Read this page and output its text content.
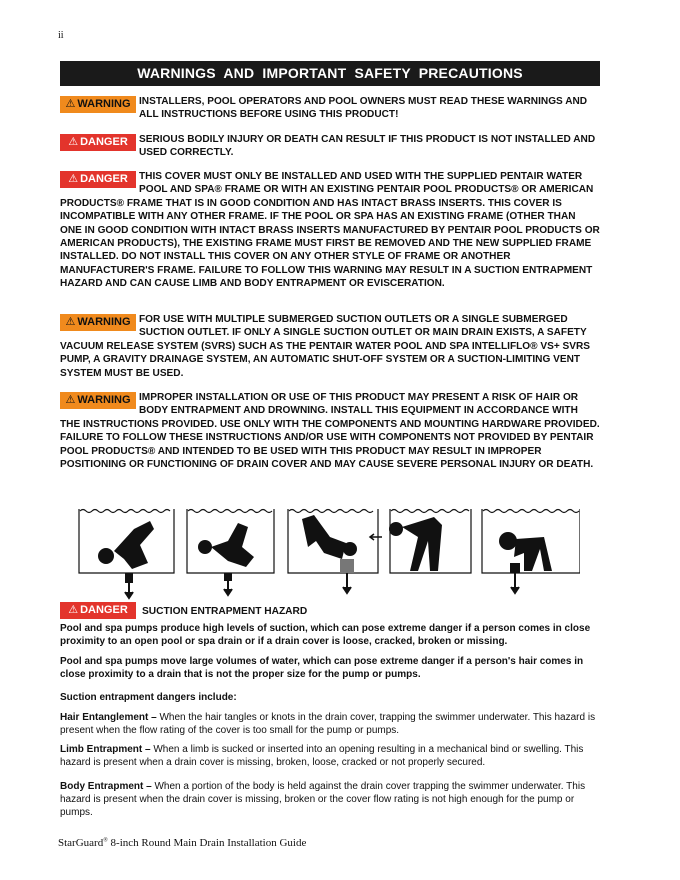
ii
WARNINGS AND IMPORTANT SAFETY PRECAUTIONS
⚠ WARNING INSTALLERS, POOL OPERATORS AND POOL OWNERS MUST READ THESE WARNINGS AND ALL INSTRUCTIONS BEFORE USING THIS PRODUCT!
⚠ DANGER	SERIOUS BODILY INJURY OR DEATH CAN RESULT IF THIS PRODUCT IS NOT INSTALLED AND USED CORRECTLY.
⚠ DANGER	THIS COVER MUST ONLY BE INSTALLED AND USED WITH THE SUPPLIED PENTAIR WATER POOL AND SPA® FRAME OR WITH AN EXISTING PENTAIR POOL PRODUCTS® OR AMERICAN PRODUCTS® FRAME THAT IS IN GOOD CONDITION AND HAS INTACT BRASS INSERTS. THIS COVER IS INCOMPATIBLE WITH ANY OTHER FRAME. IF THE POOL OR SPA HAS AN EXISTING FRAME (OTHER THAN ONE IN GOOD CONDITION WITH INTACT BRASS INSERTS MANUFACTURED BY PENTAIR POOL PRODUCTS OR AMERICAN PRODUCTS), THE EXISTING FRAME MUST FIRST BE REMOVED AND THE NEW SUPPLIED FRAME INSTALLED. DO NOT INSTALL THIS COVER ON ANY OTHER STYLE OF FRAME OR ANOTHER MANUFACTURER'S FRAME. FAILURE TO FOLLOW THIS WARNING MAY RESULT IN A SUCTION ENTRAPMENT HAZARD AND CAN CAUSE LIMB AND BODY ENTRAPMENT OR EVISCERATION.
⚠ WARNING FOR USE WITH MULTIPLE SUBMERGED SUCTION OUTLETS OR A SINGLE SUBMERGED SUCTION OUTLET. IF ONLY A SINGLE SUCTION OUTLET OR MAIN DRAIN EXISTS, A SAFETY VACUUM RELEASE SYSTEM (SVRS) SUCH AS THE PENTAIR WATER POOL AND SPA INTELLIFLO® VS+ SVRS PUMP, A GRAVITY DRAINAGE SYSTEM, AN AUTOMATIC SHUT-OFF SYSTEM OR A SUCTION-LIMITING VENT SYSTEM MUST BE USED.
⚠ WARNING IMPROPER INSTALLATION OR USE OF THIS PRODUCT MAY PRESENT A RISK OF HAIR OR BODY ENTRAPMENT AND DROWNING. INSTALL THIS EQUIPMENT IN ACCORDANCE WITH THE INSTRUCTIONS PROVIDED. USE ONLY WITH THE COMPONENTS AND MOUNTING HARDWARE PROVIDED. FAILURE TO FOLLOW THESE INSTRUCTIONS AND/OR USE WITH COMPONENTS NOT PROVIDED BY PENTAIR POOL PRODUCTS® AND INTENDED TO BE USED WITH THIS PRODUCT MAY RESULT IN IMPROPER POSITIONING OR FUNCTIONING OF DRAIN COVER AND MAY CAUSE SEVERE PERSONAL INJURY OR DEATH.
⚠ DANGER	SUCTION ENTRAPMENT HAZARD
Pool and spa pumps produce high levels of suction, which can pose extreme danger if a person comes in close proximity to an open pool or spa drain or if a drain cover is loose, cracked, broken or missing.
Pool and spa pumps move large volumes of water, which can pose extreme danger if a person's hair comes in close proximity to a drain that is not the proper size for the pump or pumps.
Suction entrapment dangers include:
Hair Entanglement – When the hair tangles or knots in the drain cover, trapping the swimmer underwater. This hazard is present when the flow rating of the cover is too small for the pump or pumps.
Limb Entrapment – When a limb is sucked or inserted into an opening resulting in a mechanical bind or swelling. This hazard is present when a drain cover is missing, broken, loose, cracked or not properly secured.
Body Entrapment – When a portion of the body is held against the drain cover trapping the swimmer underwater. This hazard is present when the drain cover is missing, broken or the cover flow rating is not high enough for the pump or pumps.
StarGuard® 8-inch Round Main Drain Installation Guide
